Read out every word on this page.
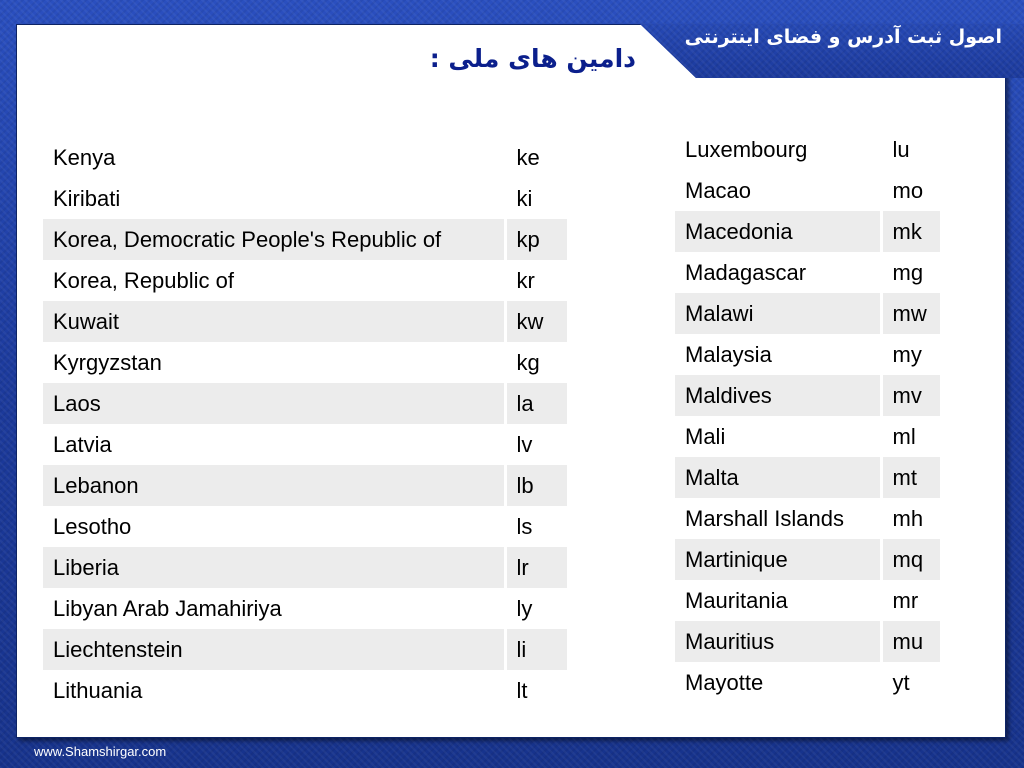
اصول ثبت آدرس و فضای اینترنتی
دامین های ملی :
Kenya	ke
Kiribati	ki
Korea, Democratic People's Republic of	kp
Korea, Republic of	kr
Kuwait	kw
Kyrgyzstan	kg
Laos	la
Latvia	lv
Lebanon	lb
Lesotho	ls
Liberia	lr
Libyan Arab Jamahiriya	ly
Liechtenstein	li
Lithuania	lt
Luxembourg	lu
Macao	mo
Macedonia	mk
Madagascar	mg
Malawi	mw
Malaysia	my
Maldives	mv
Mali	ml
Malta	mt
Marshall Islands	mh
Martinique	mq
Mauritania	mr
Mauritius	mu
Mayotte	yt
www.Shamshirgar.com
